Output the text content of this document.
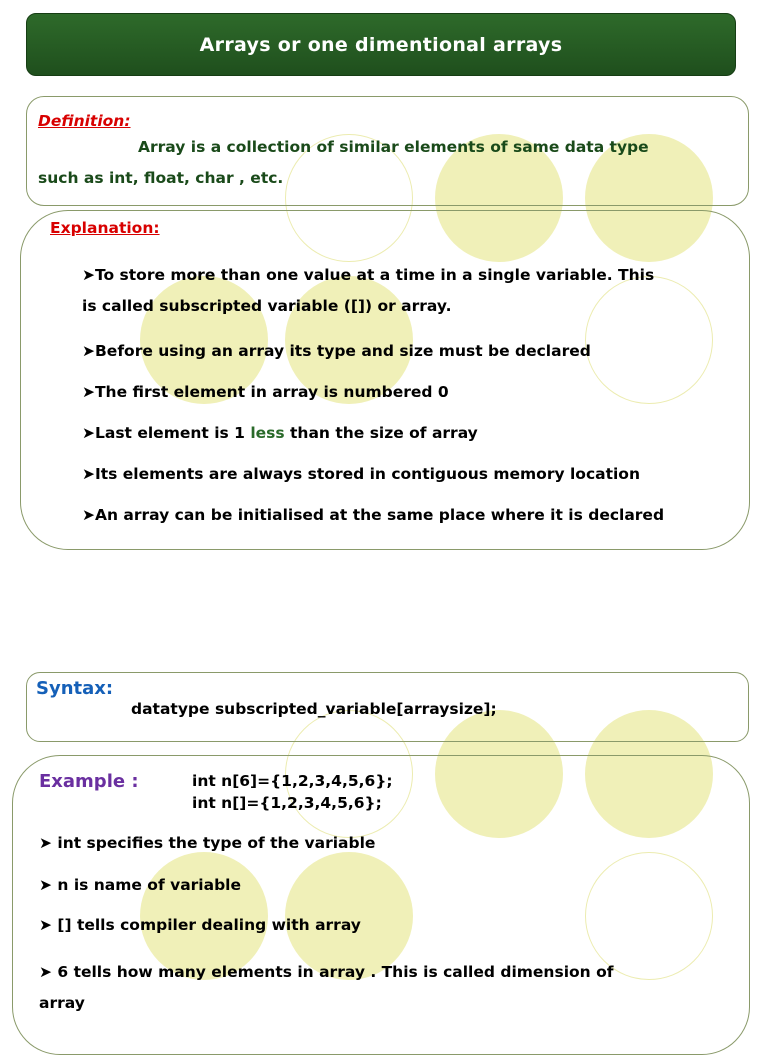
Arrays or one dimentional arrays
Definition:
Array is a collection of similar elements of same data type
such as int, float, char , etc.
Explanation:
➤To store more than one value at a time in a single variable. This
is called subscripted variable ([]) or array.
➤Before using an array its type and size must be declared
➤The first element in array is numbered 0
➤Last element is 1 less than the size of array
➤Its elements are always stored in contiguous memory location
➤An array can be initialised at the same place where it is declared
Syntax:
datatype subscripted_variable[arraysize];
Example :	int n[6]={1,2,3,4,5,6};
int n[]={1,2,3,4,5,6};
➤ int specifies the type of the variable
➤ n is name of variable
➤ [] tells compiler dealing with array
➤ 6 tells how many elements in array . This is called dimension of
array
